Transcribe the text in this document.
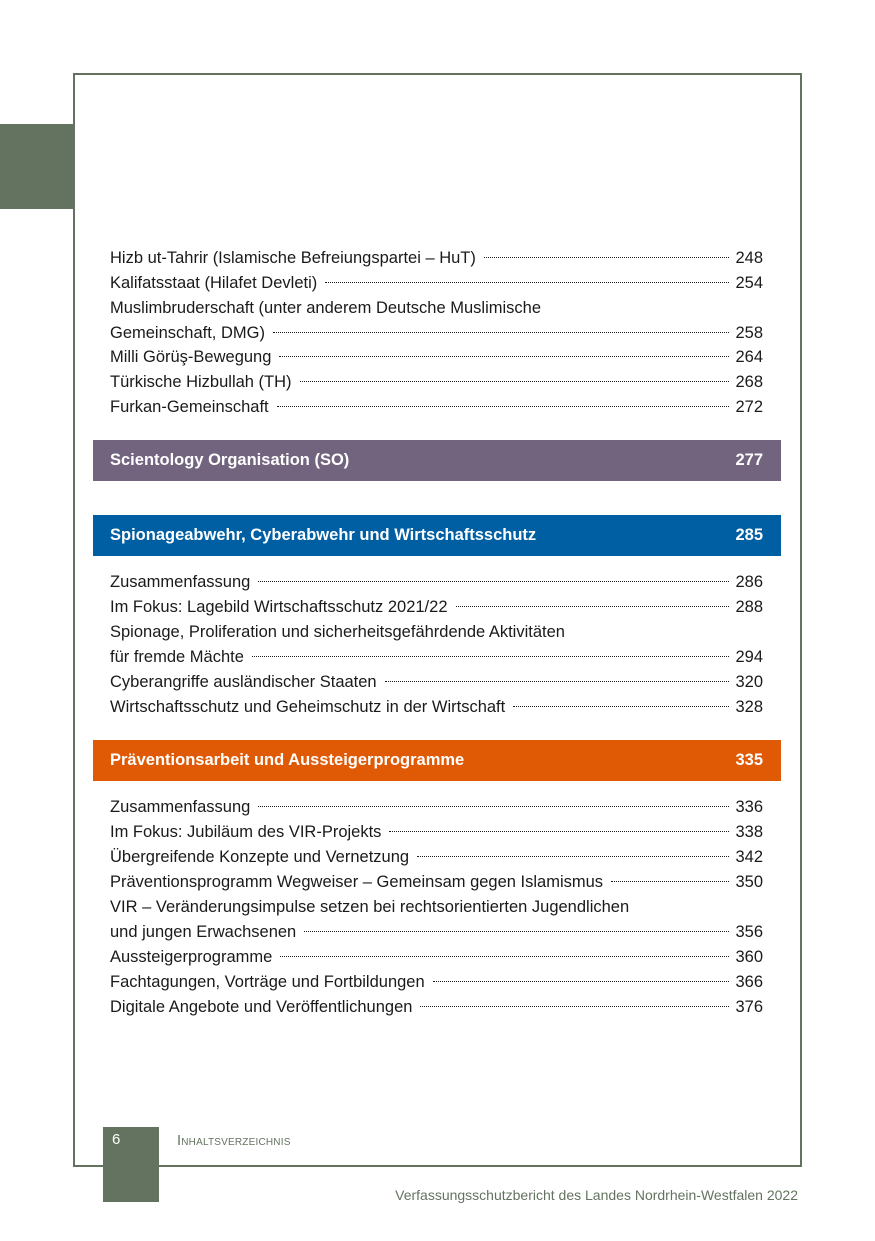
Hizb ut-Tahrir (Islamische Befreiungspartei – HuT)	248
Kalifatsstaat (Hilafet Devleti)	254
Muslimbruderschaft (unter anderem Deutsche Muslimische
Gemeinschaft, DMG)	258
Milli Görüş-Bewegung	264
Türkische Hizbullah (TH)	268
Furkan-Gemeinschaft	272
Scientology Organisation (SO)	277
Spionageabwehr, Cyberabwehr und Wirtschaftsschutz	285
Zusammenfassung	286
Im Fokus: Lagebild Wirtschaftsschutz 2021/22	288
Spionage, Proliferation und sicherheitsgefährdende Aktivitäten
für fremde Mächte	294
Cyberangriffe ausländischer Staaten	320
Wirtschaftsschutz und Geheimschutz in der Wirtschaft	328
Präventionsarbeit und Aussteigerprogramme	335
Zusammenfassung	336
Im Fokus: Jubiläum des VIR-Projekts	338
Übergreifende Konzepte und Vernetzung	342
Präventionsprogramm Wegweiser – Gemeinsam gegen Islamismus	350
VIR – Veränderungsimpulse setzen bei rechtsorientierten Jugendlichen
und jungen Erwachsenen	356
Aussteigerprogramme	360
Fachtagungen, Vorträge und Fortbildungen	366
Digitale Angebote und Veröffentlichungen	376
6	Inhaltsverzeichnis
Verfassungsschutzbericht des Landes Nordrhein-Westfalen 2022
